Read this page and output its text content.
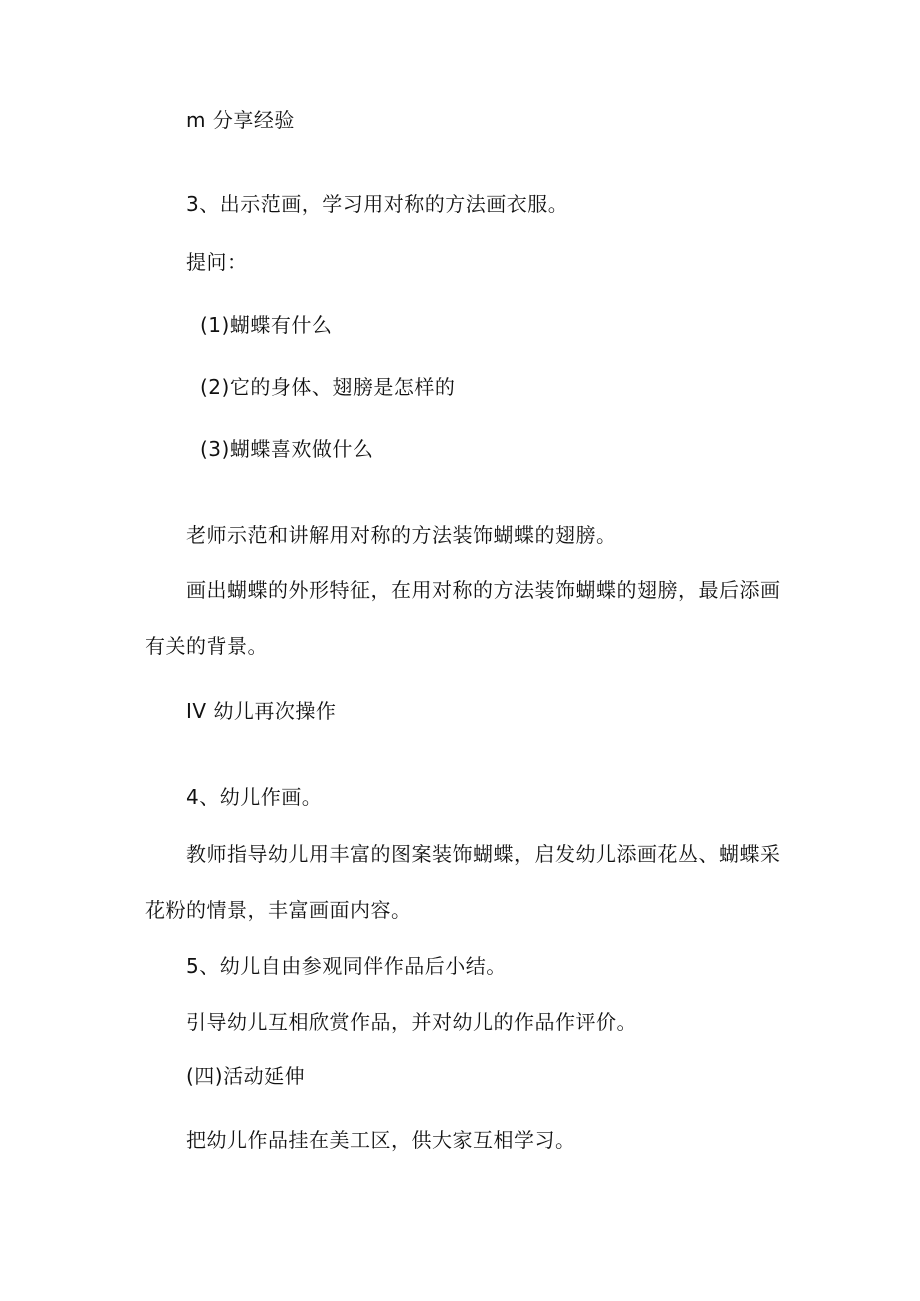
m 分享经验
3、出示范画，学习用对称的方法画衣服。
提问：
(1)蝴蝶有什么
(2)它的身体、翅膀是怎样的
(3)蝴蝶喜欢做什么
老师示范和讲解用对称的方法装饰蝴蝶的翅膀。
画出蝴蝶的外形特征，在用对称的方法装饰蝴蝶的翅膀，最后添画
有关的背景。
IV 幼儿再次操作
4、幼儿作画。
教师指导幼儿用丰富的图案装饰蝴蝶，启发幼儿添画花丛、蝴蝶采
花粉的情景，丰富画面内容。
5、幼儿自由参观同伴作品后小结。
引导幼儿互相欣赏作品，并对幼儿的作品作评价。
(四)活动延伸
把幼儿作品挂在美工区，供大家互相学习。
